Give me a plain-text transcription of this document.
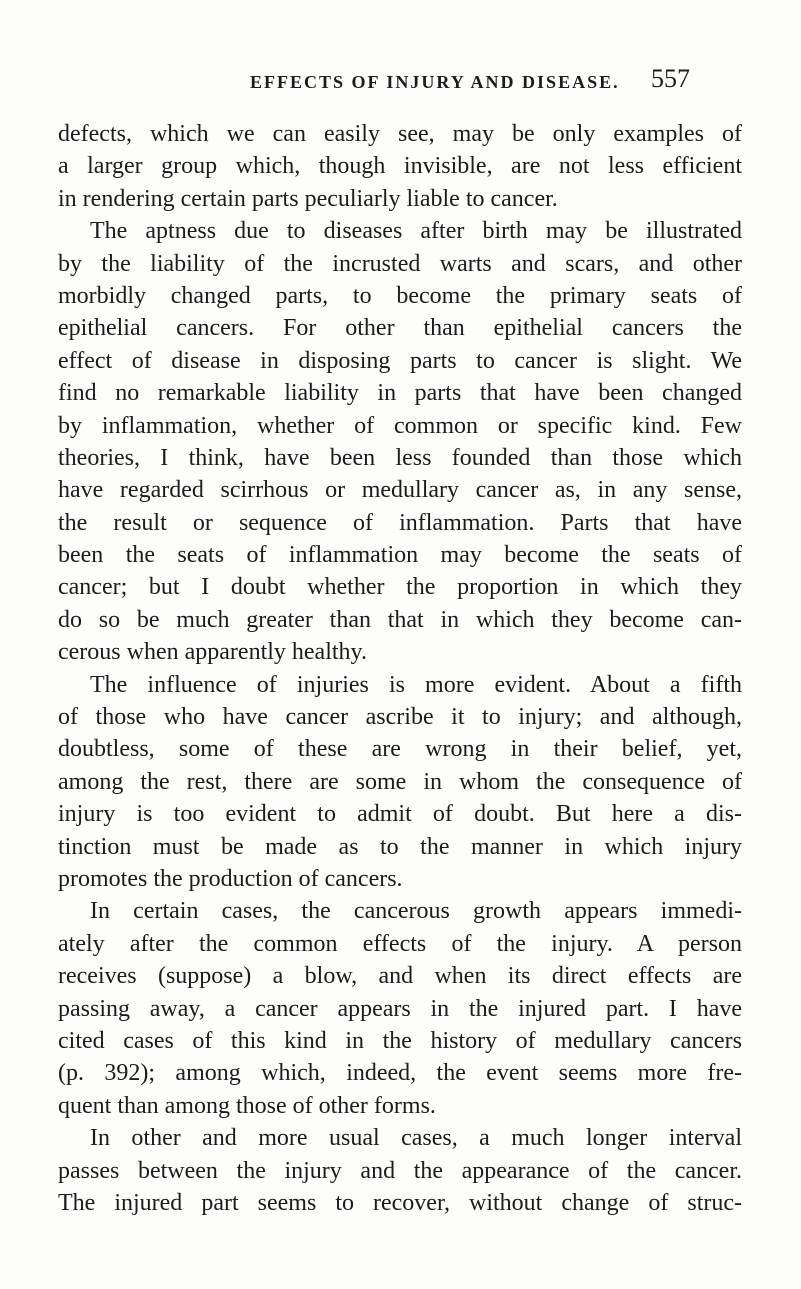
EFFECTS OF INJURY AND DISEASE. 557
defects, which we can easily see, may be only examples of
a larger group which, though invisible, are not less efficient
in rendering certain parts peculiarly liable to cancer.
The aptness due to diseases after birth may be illustrated
by the liability of the incrusted warts and scars, and other
morbidly changed parts, to become the primary seats of
epithelial cancers. For other than epithelial cancers the
effect of disease in disposing parts to cancer is slight. We
find no remarkable liability in parts that have been changed
by inflammation, whether of common or specific kind. Few
theories, I think, have been less founded than those which
have regarded scirrhous or medullary cancer as, in any sense,
the result or sequence of inflammation. Parts that have
been the seats of inflammation may become the seats of
cancer; but I doubt whether the proportion in which they
do so be much greater than that in which they become can-
cerous when apparently healthy.
The influence of injuries is more evident. About a fifth
of those who have cancer ascribe it to injury; and although,
doubtless, some of these are wrong in their belief, yet,
among the rest, there are some in whom the consequence of
injury is too evident to admit of doubt. But here a dis-
tinction must be made as to the manner in which injury
promotes the production of cancers.
In certain cases, the cancerous growth appears immedi-
ately after the common effects of the injury. A person
receives (suppose) a blow, and when its direct effects are
passing away, a cancer appears in the injured part. I have
cited cases of this kind in the history of medullary cancers
(p. 392); among which, indeed, the event seems more fre-
quent than among those of other forms.
In other and more usual cases, a much longer interval
passes between the injury and the appearance of the cancer.
The injured part seems to recover, without change of struc-
